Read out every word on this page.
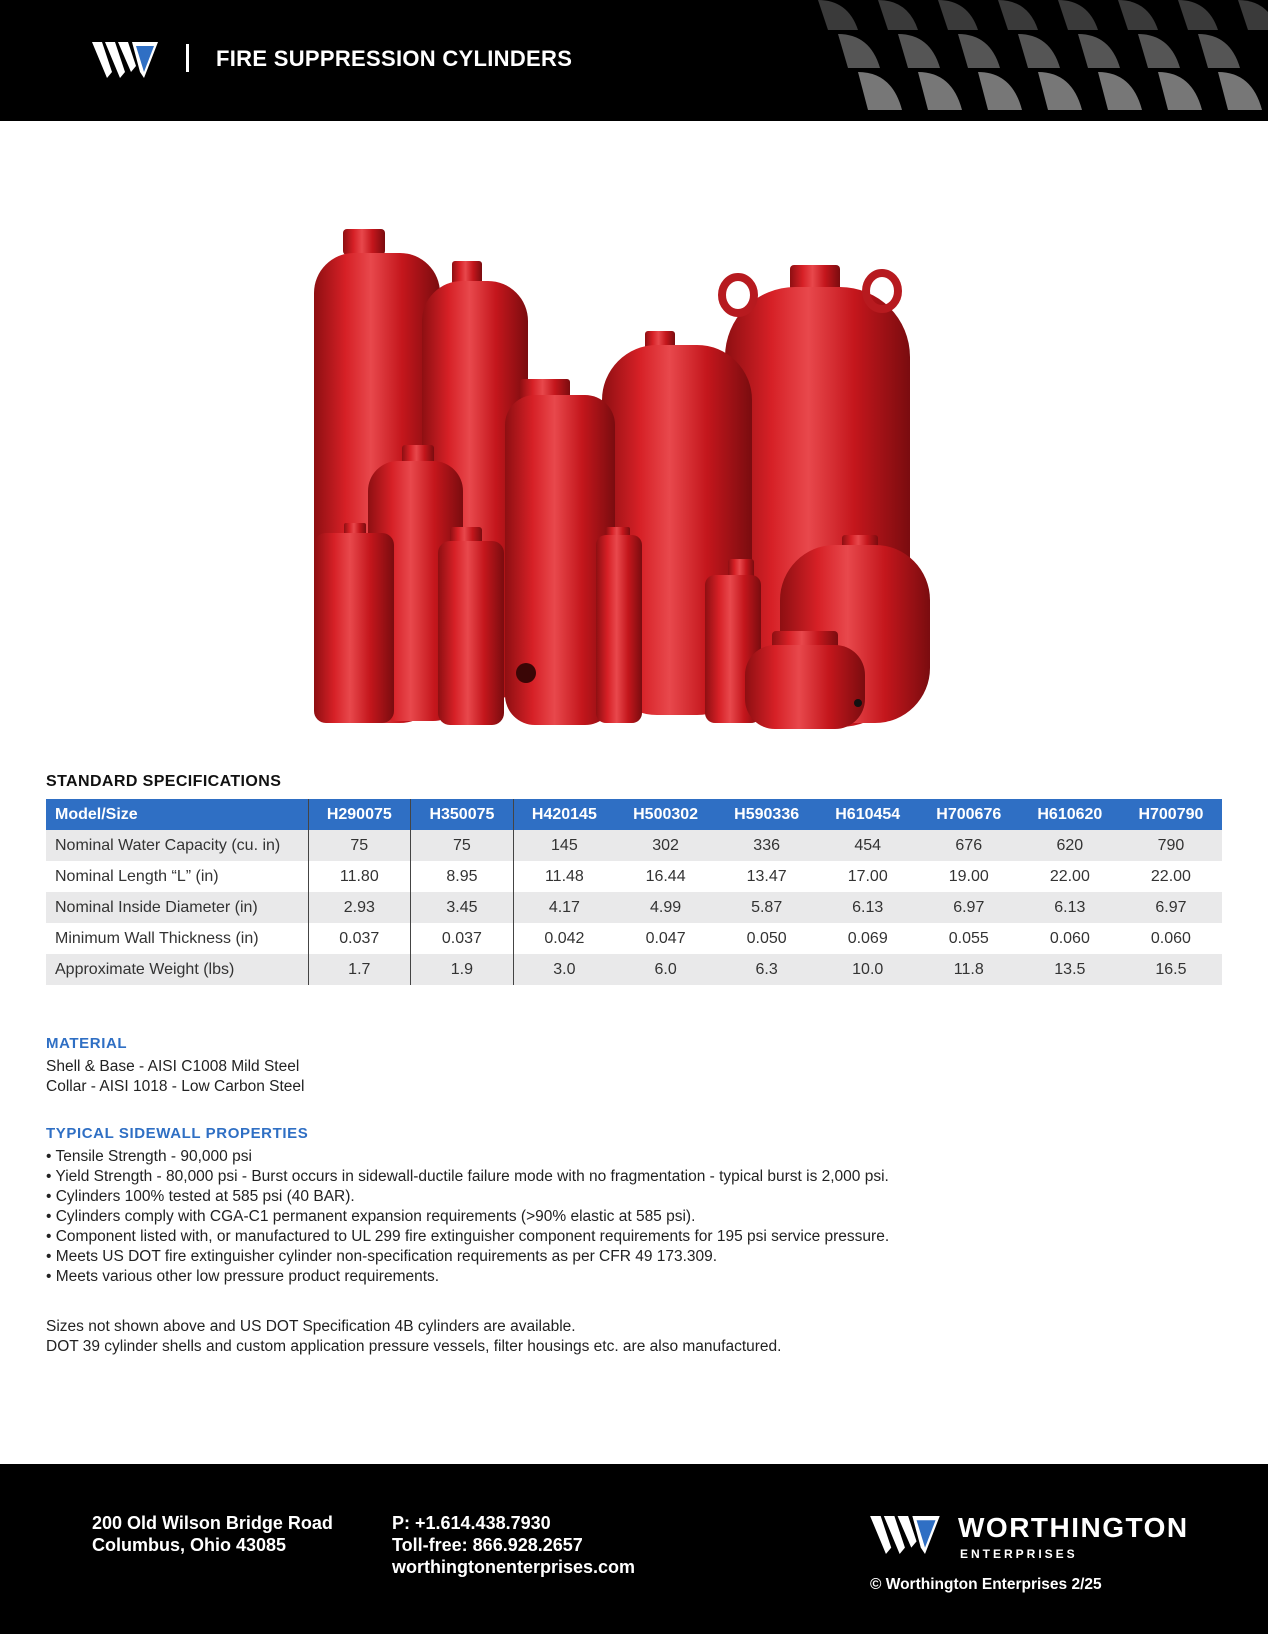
FIRE SUPPRESSION CYLINDERS
STANDARD SPECIFICATIONS
Model/Size	H290075	H350075	H420145	H500302	H590336	H610454	H700676	H610620	H700790
Nominal Water Capacity (cu. in)	75	75	145	302	336	454	676	620	790
Nominal Length “L” (in)	11.80	8.95	11.48	16.44	13.47	17.00	19.00	22.00	22.00
Nominal Inside Diameter (in)	2.93	3.45	4.17	4.99	5.87	6.13	6.97	6.13	6.97
Minimum Wall Thickness (in)	0.037	0.037	0.042	0.047	0.050	0.069	0.055	0.060	0.060
Approximate Weight (lbs)	1.7	1.9	3.0	6.0	6.3	10.0	11.8	13.5	16.5
MATERIAL
Shell & Base - AISI C1008 Mild Steel
Collar - AISI 1018 - Low Carbon Steel
TYPICAL SIDEWALL PROPERTIES
• Tensile Strength - 90,000 psi
• Yield Strength - 80,000 psi - Burst occurs in sidewall-ductile failure mode with no fragmentation - typical burst is 2,000 psi.
• Cylinders 100% tested at 585 psi (40 BAR).
• Cylinders comply with CGA-C1 permanent expansion requirements (>90% elastic at 585 psi).
• Component listed with, or manufactured to UL 299 fire extinguisher component requirements for 195 psi service pressure.
• Meets US DOT fire extinguisher cylinder non-specification requirements as per CFR 49 173.309.
• Meets various other low pressure product requirements.
Sizes not shown above and US DOT Specification 4B cylinders are available.
DOT 39 cylinder shells and custom application pressure vessels, filter housings etc. are also manufactured.
200 Old Wilson Bridge Road
Columbus, Ohio 43085
P: +1.614.438.7930
Toll-free: 866.928.2657
worthingtonenterprises.com
WORTHINGTON
ENTERPRISES
© Worthington Enterprises 2/25
